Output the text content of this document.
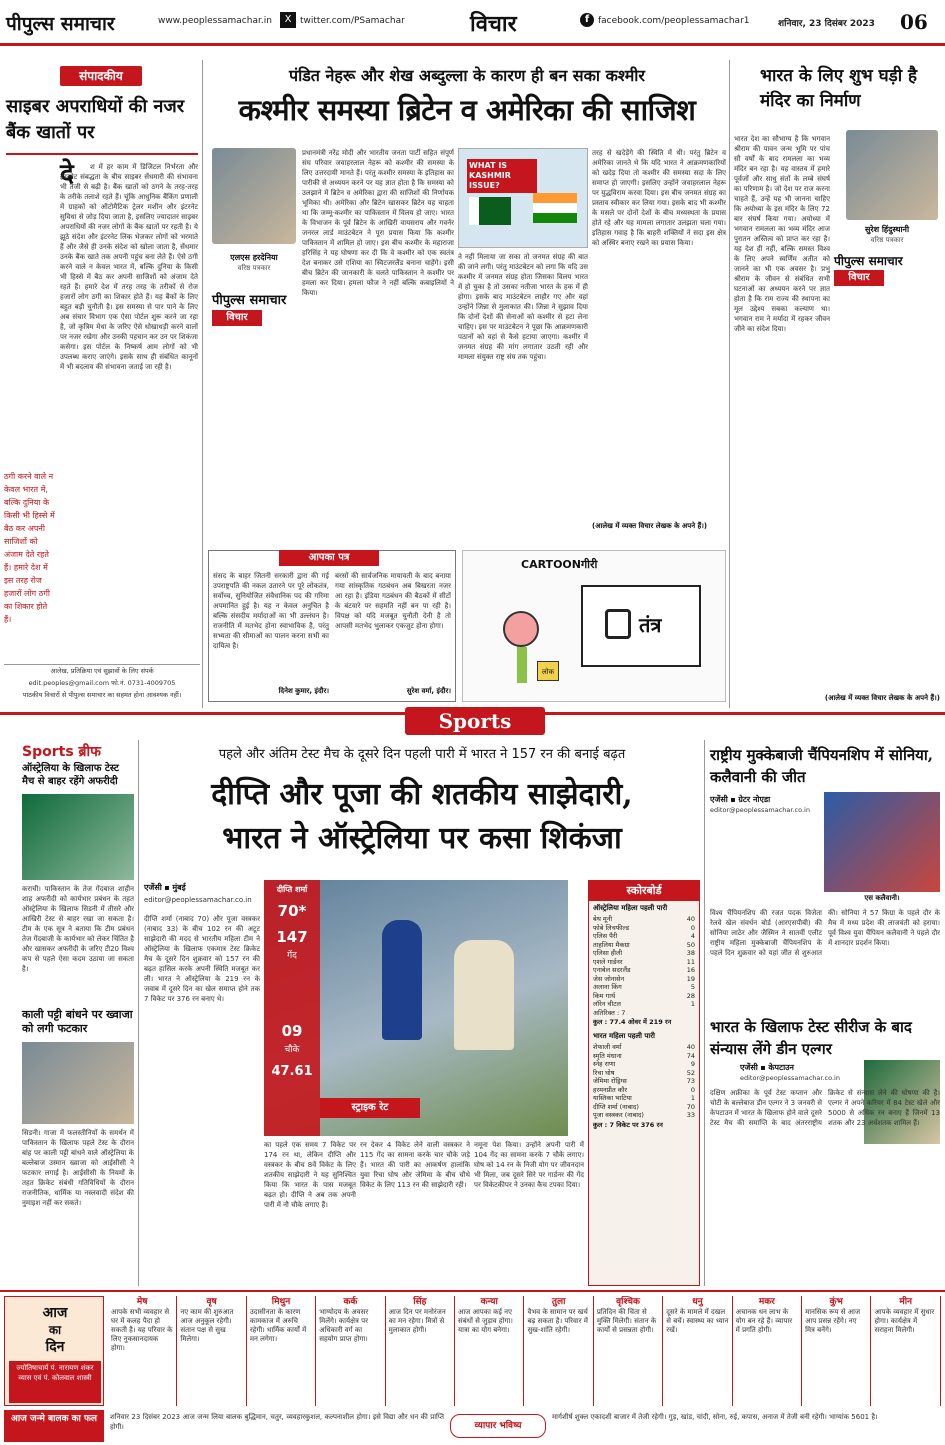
पीपुल्स समाचार	www.peoplessamachar.in	X twitter.com/PSamachar	विचार	f facebook.com/peoplessamachar1	शनिवार, 23 दिसंबर 2023	06
संपादकीय
साइबर अपराधियों की नजर बैंक खातों पर
दे	श में हर काम में डिजिटल निर्भरता और इंटरनेट संबद्धता के बीच साइबर सेंधमारी की संभावना भी तेजी से बढ़ी है। बैंक खातों को ठगने के तरह-तरह के तरीके तलाशे रहते हैं। चूंकि आधुनिक बैंकिंग प्रणाली में ग्राहकों को ऑटोमैटिक ट्रेलर मशीन और इंटरनेट सुविधा से जोड़ दिया जाता है, इसलिए ज्यादातर साइबर अपराधियों की नजर लोगों के बैंक खातों पर रहती है। ये झूठे संदेश और इंटरनेट लिंक भेजकर लोगों को भरमाते हैं और जैसे ही उनके संदेश को खोला जाता है, सेंधमार उनके बैंक खाते तक अपनी पहुंच बना लेते हैं। ऐसे ठगी करने वाले न केवल भारत में, बल्कि दुनिया के किसी भी हिस्से में बैठ कर अपनी साजिशों को अंजाम देते रहते हैं। हमारे देश में तरह तरह के तरीकों से रोज हजारों लोग ठगी का शिकार होते हैं। यह बैंकों के लिए बहुत बड़ी चुनौती है। इस समस्या से पार पाने के लिए अब संचार विभाग एक ऐसा पोर्टल शुरू करने जा रहा है, जो कृत्रिम मेधा के जरिए ऐसे धोखाधड़ी करने वालों पर नजर रखेगा और उनकी पहचान कर उन पर शिकंजा कसेगा। इस पोर्टल के निष्कर्ष आम लोगों को भी उपलब्ध कराए जाएंगे। इसके साथ ही संबंधित कानूनों में भी बदलाव की संभावना जताई जा रही है।
ठगी करने वाले न केवल भारत में, बल्कि दुनिया के किसी भी हिस्से में बैठ कर अपनी साजिशों को अंजाम देते रहते हैं। हमारे देश में इस तरह रोज हजारों लोग ठगी का शिकार होते हैं।
आलेख, प्रतिक्रिया एवं सुझावों के लिए संपर्क
edit.peoples@gmail.com फो.नं. 0731-4009705
पाठकीय विचारों से पीपुल्स समाचार का सहमत होना आवश्यक नहीं।
पंडित नेहरू और शेख अब्दुल्ला के कारण ही बन सका कश्मीर
कश्मीर समस्या ब्रिटेन व अमेरिका की साजिश
एलएस हरदेनिया
वरिष्ठ पत्रकार
पीपुल्स समाचार
विचार
प्रधानमंत्री नरेंद्र मोदी और भारतीय जनता पार्टी सहित संपूर्ण संघ परिवार जवाहरलाल नेहरू को कश्मीर की समस्या के लिए उत्तरदायी मानते हैं। परंतु कश्मीर समस्या के इतिहास का पारीकी से अध्ययन करने पर यह ज्ञात होता है कि समस्या को उलझाने में ब्रिटेन व अमेरिका द्वारा की साजिशों की निर्णायक भूमिका थी। अमेरिका और ब्रिटेन खासकर ब्रिटेन यह चाहता था कि जम्मू-कश्मीर का पाकिस्तान में विलय हो जाए। भारत के विभाजन के पूर्व ब्रिटेन के आखिरी वायसराय और गवर्नर जनरल लार्ड माउंटबेटन ने पूरा प्रयास किया कि कश्मीर पाकिस्तान में शामिल हो जाए। इस बीच कश्मीर के महाराजा हरिसिंह ने यह घोषणा कर दी कि वे कश्मीर को एक स्वतंत्र देश बनाकर उसे एशिया का स्विटजरलैंड बनाना चाहेंगे। इसी बीच ब्रिटेन की जानकारी के चलते पाकिस्तान ने कश्मीर पर हमला कर दिया। हमला फौज ने नहीं बल्कि कबाइलियों ने किया।
WHAT IS KASHMIR ISSUE?
ने नहीं मिलाया जा सका तो जनमत संग्रह की बात की जाने लगी। परंतु माउंटबेटन को लगा कि यदि उस कश्मीर में जनमत संग्रह होता जिसका विलय भारत में हो चुका है तो उसका नतीजा भारत के हक में ही होगा। इसके बाद माउंटबेटन लाहौर गए और वहां उन्होंने जिन्ना से मुलाकात की। जिन्ना ने सुझाव दिया कि दोनों देशों की सेनाओं को कश्मीर से हटा लेना चाहिए। इस पर माउंटबेटन ने पूछा कि आक्रमणकारी पठानों को वहां से कैसे हटाया जाएगा। कश्मीर में जनमत संग्रह की मांग लगातार उठती रही और मामला संयुक्त राष्ट्र संघ तक पहुंचा।
तरह से खदेड़ेंगे की स्थिति में थी। परंतु ब्रिटेन व अमेरिका जानते थे कि यदि भारत ने आक्रमणकारियों को खदेड़ दिया तो कश्मीर की समस्या सदा के लिए समाप्त हो जाएगी। इसलिए उन्होंने जवाहरलाल नेहरू पर युद्धविराम करवा दिया। इस बीच जनमत संग्रह का प्रस्ताव स्वीकार कर लिया गया। इसके बाद भी कश्मीर के मसले पर दोनों देशों के बीच मध्यस्थता के प्रयास होते रहे और यह मामला लगातार उलझता चला गया। इतिहास गवाह है कि बाहरी शक्तियों ने सदा इस क्षेत्र को अस्थिर बनाए रखने का प्रयास किया।
(आलेख में व्यक्त विचार लेखक के अपने हैं।)
आपका पत्र
संसद के बाहर जितनी सरकारी द्वारा की गई उपराष्ट्रपति की नकल उतारने पर पूरे लोकतंत्र, सर्वोच्च, सुनियोजित संवैधानिक पद की गरिमा अपमानित हुई है। यह न केवल अनुचित है बल्कि संसदीय मर्यादाओं का भी उल्लंघन है। राजनीति में मतभेद होना स्वाभाविक है, परंतु सभ्यता की सीमाओं का पालन करना सभी का दायित्व है।
दिनेश कुमार, इंदौर।
बरसों की सार्वजनिक मायावती के बाद बनाया गया सांस्कृतिक गठबंधन अब बिखरता नजर आ रहा है। इंडिया गठबंधन की बैठकों में सीटों के बंटवारे पर सहमति नहीं बन पा रही है। विपक्ष को यदि मजबूत चुनौती देनी है तो आपसी मतभेद भुलाकर एकजुट होना होगा।
सुरेश वर्मा, इंदौर।
CARTOONगीरी
तंत्र
लोक
भारत के लिए शुभ घड़ी है मंदिर का निर्माण
सुरेश हिंदुस्थानी
वरिष्ठ पत्रकार
पीपुल्स समाचार
विचार
भारत देश का सौभाग्य है कि भगवान श्रीराम की पावन जन्म भूमि पर पांच सौ वर्षों के बाद रामलला का भव्य मंदिर बन रहा है। यह वास्तव में हमारे पूर्वजों और साधु संतों के लम्बे संघर्ष का परिणाम है। जो देश पर राज करना चाहते हैं, उन्हें यह भी जानना चाहिए कि अयोध्या के इस मंदिर के लिए 72 बार संघर्ष किया गया। अयोध्या में भगवान रामलला का भव्य मंदिर आज पुरातन अस्तित्व को प्राप्त कर रहा है। यह देश ही नहीं, बल्कि समस्त विश्व के लिए अपने स्वर्णिम अतीत को जानने का भी एक अवसर है। प्रभु श्रीराम के जीवन से संबंधित सभी घटनाओं का अध्ययन करने पर ज्ञात होता है कि राम राज्य की स्थापना का मूल उद्देश्य सबका कल्याण था। भगवान राम ने मर्यादा में रहकर जीवन जीने का संदेश दिया।
(आलेख में व्यक्त विचार लेखक के अपने हैं।)
Sports
Sports ब्रीफ
ऑस्ट्रेलिया के खिलाफ टेस्ट मैच से बाहर रहेंगे अफरीदी
कराची। पाकिस्तान के तेज गेंदबाज शाहीन शाह अफरीदी को कार्यभार प्रबंधन के तहत ऑस्ट्रेलिया के खिलाफ सिडनी में तीसरे और आखिरी टेस्ट से बाहर रखा जा सकता है। टीम के एक सूत्र ने बताया कि टीम प्रबंधन तेज गेंदबाजी के कार्यभार को लेकर चिंतित है और खासकर अफरीदी के जरिए टी20 विश्व कप से पहले ऐसा कदम उठाया जा सकता है।
काली पट्टी बांधने पर ख्वाजा को लगी फटकार
सिडनी। गाजा में फलस्तीनियों के समर्थन में पाकिस्तान के खिलाफ पहले टेस्ट के दौरान बांह पर काली पट्टी बांधने वाले ऑस्ट्रेलिया के बल्लेबाज उस्मान ख्वाजा को आईसीसी ने फटकार लगाई है। आईसीसी के नियमों के तहत क्रिकेट संबंधी गतिविधियों के दौरान राजनीतिक, धार्मिक या नस्लवादी संदेश की नुमाइश नहीं कर सकते।
पहले और अंतिम टेस्ट मैच के दूसरे दिन पहली पारी में भारत ने 157 रन की बनाई बढ़त
दीप्ति और पूजा की शतकीय साझेदारी,
भारत ने ऑस्ट्रेलिया पर कसा शिकंजा
एजेंसी ▪ मुंबई
editor@peoplessamachar.co.in
दीप्ति शर्मा (नाबाद 70) और पूजा वस्त्रकर (नाबाद 33) के बीच 102 रन की अटूट साझेदारी की मदद से भारतीय महिला टीम ने ऑस्ट्रेलिया के खिलाफ एकमात्र टेस्ट क्रिकेट मैच के दूसरे दिन शुक्रवार को 157 रन की बढ़त हासिल करके अपनी स्थिति मजबूत कर ली। भारत ने ऑस्ट्रेलिया के 219 रन के जवाब में दूसरे दिन का खेल समाप्त होने तक 7 विकेट पर 376 रन बनाए थे।
दीप्ति शर्मा
70*
147
गेंद
09
चौके
47.61
स्ट्राइक रेट
का पहले एक समय 7 विकेट पर 174 रन था, लेकिन दीप्ति और वस्त्रकर के बीच 8वें विकेट के लिए शतकीय साझेदारी ने यह सुनिश्चित किया कि भारत के पास मजबूत बढ़त हो। दीप्ति ने अब तक अपनी पारी में नौ चौके लगाए हैं।
रन देकर 4 विकेट लेने वाली वस्त्रकर ने 115 गेंद का सामना करके चार चौके जड़े हैं। भारत की पारी का आकर्षण हालांकि युवा रिचा घोष और जेमिमा के बीच चौथे विकेट के लिए 113 रन की साझेदारी रही।
नमूना पेश किया। उन्होंने अपनी पारी में 104 गेंद का सामना करके 7 चौके लगाए। घोष को 14 रन के निजी योग पर जीवनदान भी मिला, जब दूसरे सिरे पर गार्डनर की गेंद पर विकेटकीपर ने उनका कैच टपका दिया।
स्कोरबोर्ड
ऑस्ट्रेलिया महिला पहली पारी
बेथ मूनी	40
फोबे लिचफील्ड	0
एलिस पैरी	4
ताहलिया मैकग्रा	50
एलिसा हीली	38
एशले गार्डनर	11
एनाबेल सदरलैंड	16
जेस जोनासेन	19
अलाना किंग	5
किम गार्थ	28
लॉरेन चीटल	1
अतिरिक्त : 7
कुल : 77.4 ओवर में 219 रन
भारत महिला पहली पारी
शेफाली वर्मा	40
स्मृति मंधाना	74
स्नेह राणा	9
रिचा घोष	52
जेमिमा रोड्रिग्स	73
हरमनप्रीत कौर	0
यास्तिका भाटिया	1
दीप्ति शर्मा (नाबाद)	70
पूजा वस्त्रकर (नाबाद)	33
कुल : 7 विकेट पर 376 रन
राष्ट्रीय मुक्केबाजी चैंपियनशिप में सोनिया, कलैवानी की जीत
एजेंसी ▪ ग्रेटर नोएडा
editor@peoplessamachar.co.in
एस कलैवानी।
विश्व चैंपियनशिप की रजत पदक विजेता रेलवे खेल संवर्धन बोर्ड (आरएसपीबी) की सोनिया लाठेर और जैस्मिन ने सातवीं एलीट राष्ट्रीय महिला मुक्केबाजी चैंपियनशिप के पहले दिन शुक्रवार को यहां जीत से शुरुआत की। सोनिया ने 57 किग्रा के पहले दौर के मैच में मध्य प्रदेश की लाजवंती को हराया। पूर्व विश्व युवा चैंपियन कलैवानी ने पहले दौर में शानदार प्रदर्शन किया।
भारत के खिलाफ टेस्ट सीरीज के बाद संन्यास लेंगे डीन एल्गर
एजेंसी ▪ केपटाउन
editor@peoplessamachar.co.in
दक्षिण अफ्रीका के पूर्व टेस्ट कप्तान और चोटी के बल्लेबाज डीन एल्गर ने 3 जनवरी से केपटाउन में भारत के खिलाफ होने वाले दूसरे टेस्ट मैच की समाप्ति के बाद अंतरराष्ट्रीय क्रिकेट से संन्यास लेने की घोषणा की है। एल्गर ने अपने करियर में 84 टेस्ट खेले और 5000 से अधिक रन बनाए हैं जिनमें 13 शतक और 23 अर्धशतक शामिल हैं।
आज
का
दिन
ज्योतिषाचार्य पं. नारायण शंकर व्यास एवं पं. कोलवाल शास्त्री
मेष
आपके सभी व्यवहार से घर में कलह पैदा हो सकती है। यह परिवार के लिए नुकसानदायक होगा।
वृष
नए काम की शुरुआत आज अनुकूल रहेगी। संतान पक्ष से सुख मिलेगा।
मिथुन
उदासीनता के कारण कामकाज में अरुचि रहेगी। धार्मिक कार्यों में मन लगेगा।
कर्क
भाग्योदय के अवसर मिलेंगे। कार्यक्षेत्र पर अधिकारी वर्ग का सहयोग प्राप्त होगा।
सिंह
आज दिन पर मनोरंजन का मन रहेगा। मित्रों से मुलाकात होगी।
कन्या
आज आपका कई नए संबंधों से जुड़ाव होगा। यात्रा का योग बनेगा।
तुला
वैभव के सामान पर खर्च बढ़ सकता है। परिवार में सुख-शांति रहेगी।
वृश्चिक
प्रतिदिन की चिंता से मुक्ति मिलेगी। संतान के कार्यों से प्रसन्नता होगी।
धनु
दूसरे के मामले में दखल से बचें। स्वास्थ्य का ध्यान रखें।
मकर
अचानक धन लाभ के योग बन रहे हैं। व्यापार में प्रगति होगी।
कुंभ
मानसिक रूप से आज आप प्रसन्न रहेंगे। नए मित्र बनेंगे।
मीन
आपके व्यवहार में सुधार होगा। कार्यक्षेत्र में सराहना मिलेगी।
आज जन्मे बालक का फल	शनिवार 23 दिसंबर 2023 आज जन्म लिया बालक बुद्धिमान, चतुर, व्यवहारकुशल, कल्पनाशील होगा। इसे विद्या और धन की प्राप्ति होगी।	व्यापार भविष्य
मार्गशीर्ष शुक्ल एकादशी बाजार में तेजी रहेगी। गुड़, खांड, चांदी, सोना, रुई, कपास, अनाज में तेजी बनी रहेगी। भाग्यांक 5601 है।
